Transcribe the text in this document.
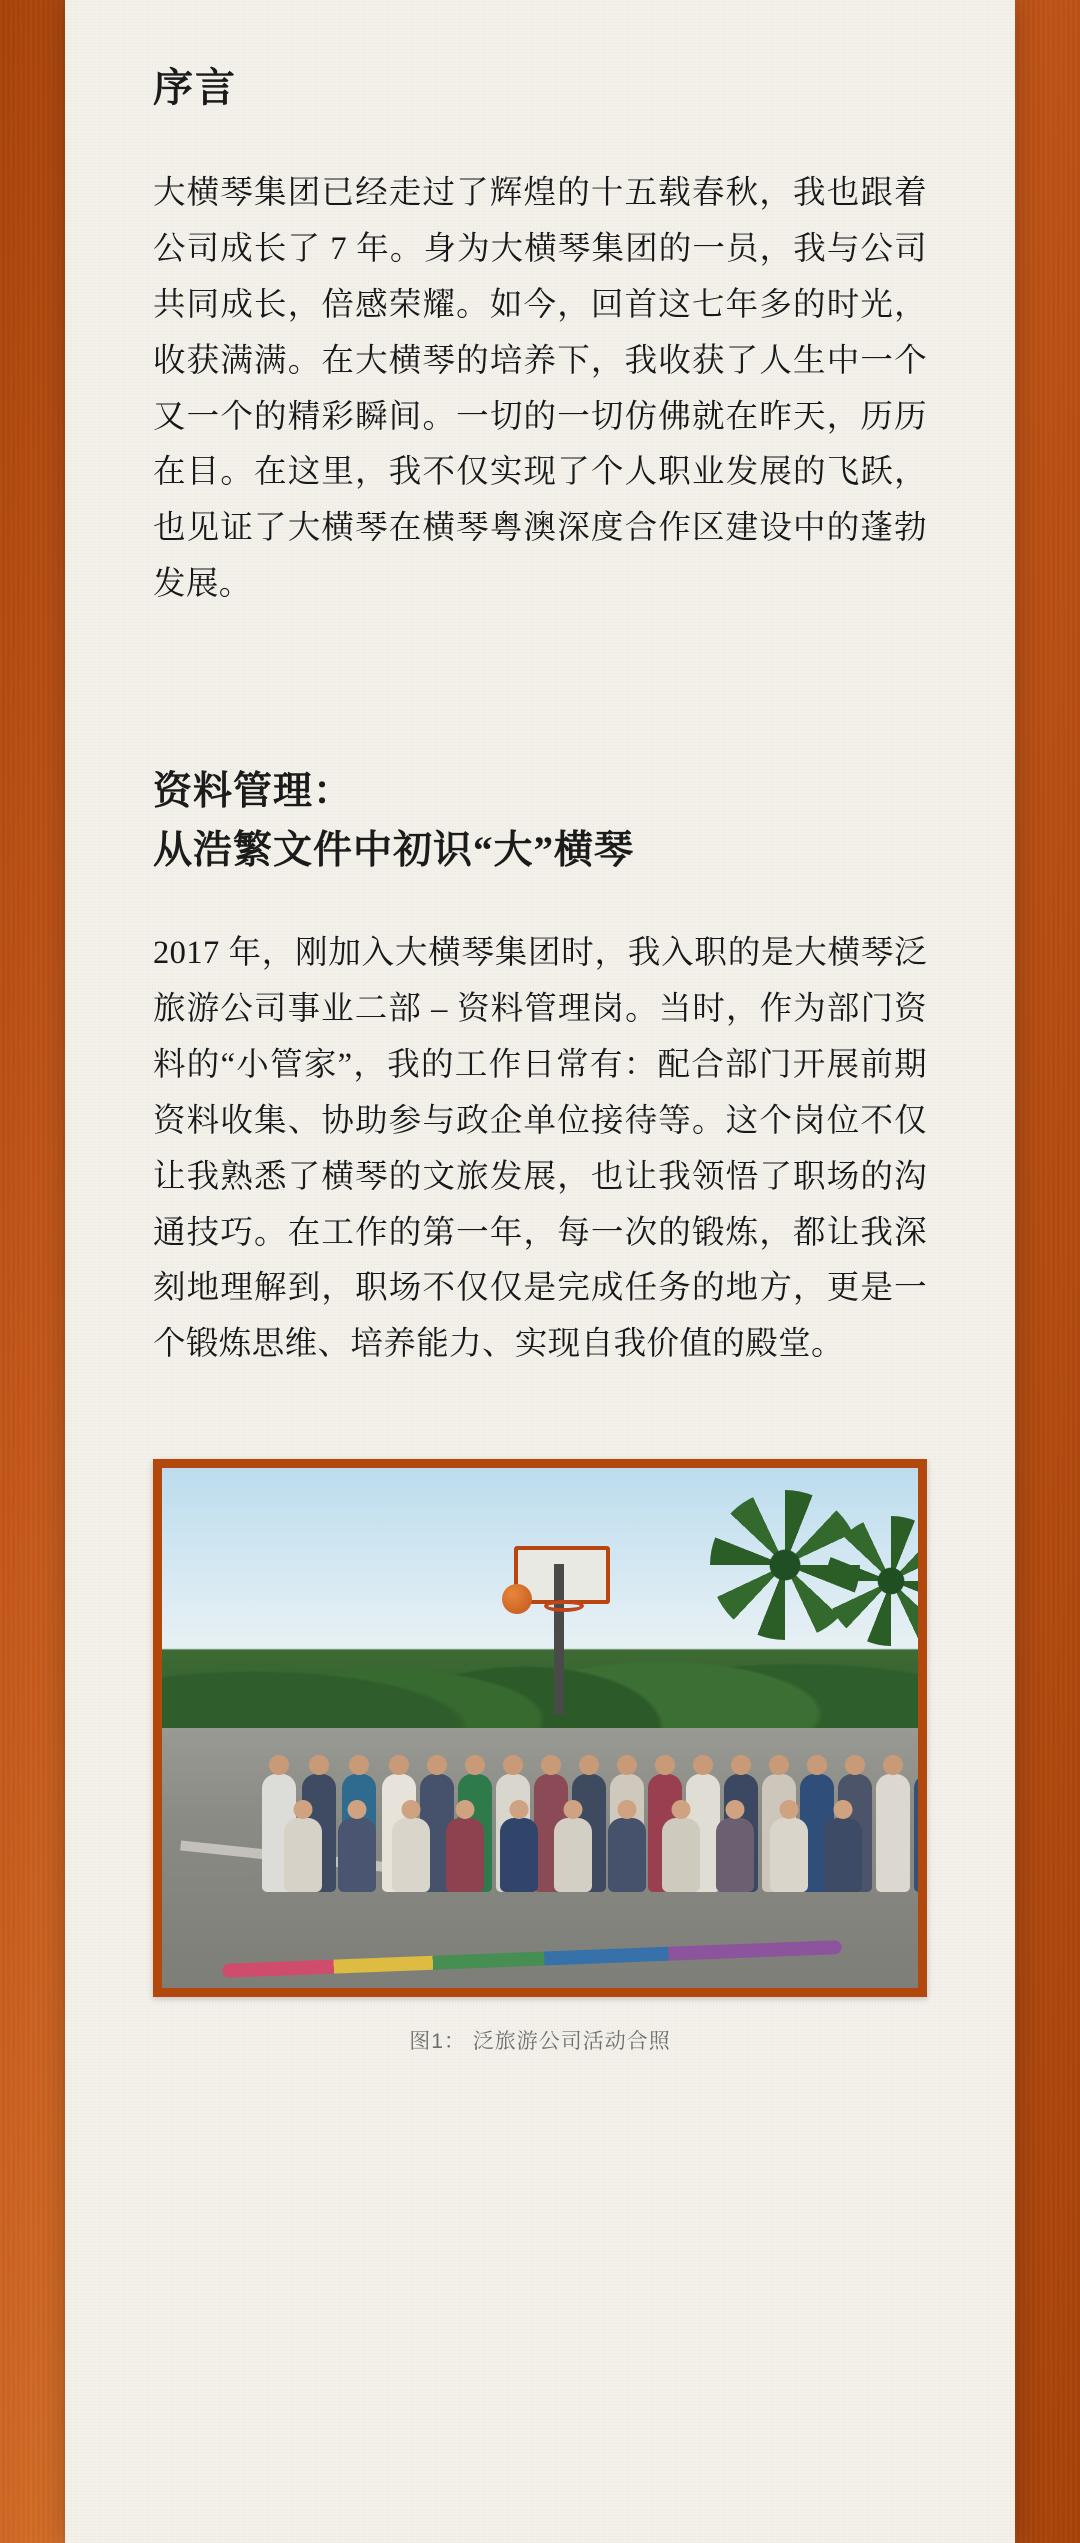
序言

大横琴集团已经走过了辉煌的十五载春秋，我也跟着公司成长了 7 年。身为大横琴集团的一员，我与公司共同成长，倍感荣耀。如今，回首这七年多的时光，收获满满。在大横琴的培养下，我收获了人生中一个又一个的精彩瞬间。一切的一切仿佛就在昨天，历历在目。在这里，我不仅实现了个人职业发展的飞跃，也见证了大横琴在横琴粤澳深度合作区建设中的蓬勃发展。

资料管理：
从浩繁文件中初识“大”横琴

2017 年，刚加入大横琴集团时，我入职的是大横琴泛旅游公司事业二部 – 资料管理岗。当时，作为部门资料的“小管家”，我的工作日常有：配合部门开展前期资料收集、协助参与政企单位接待等。这个岗位不仅让我熟悉了横琴的文旅发展，也让我领悟了职场的沟通技巧。在工作的第一年，每一次的锻炼，都让我深刻地理解到，职场不仅仅是完成任务的地方，更是一个锻炼思维、培养能力、实现自我价值的殿堂。

图1： 泛旅游公司活动合照
